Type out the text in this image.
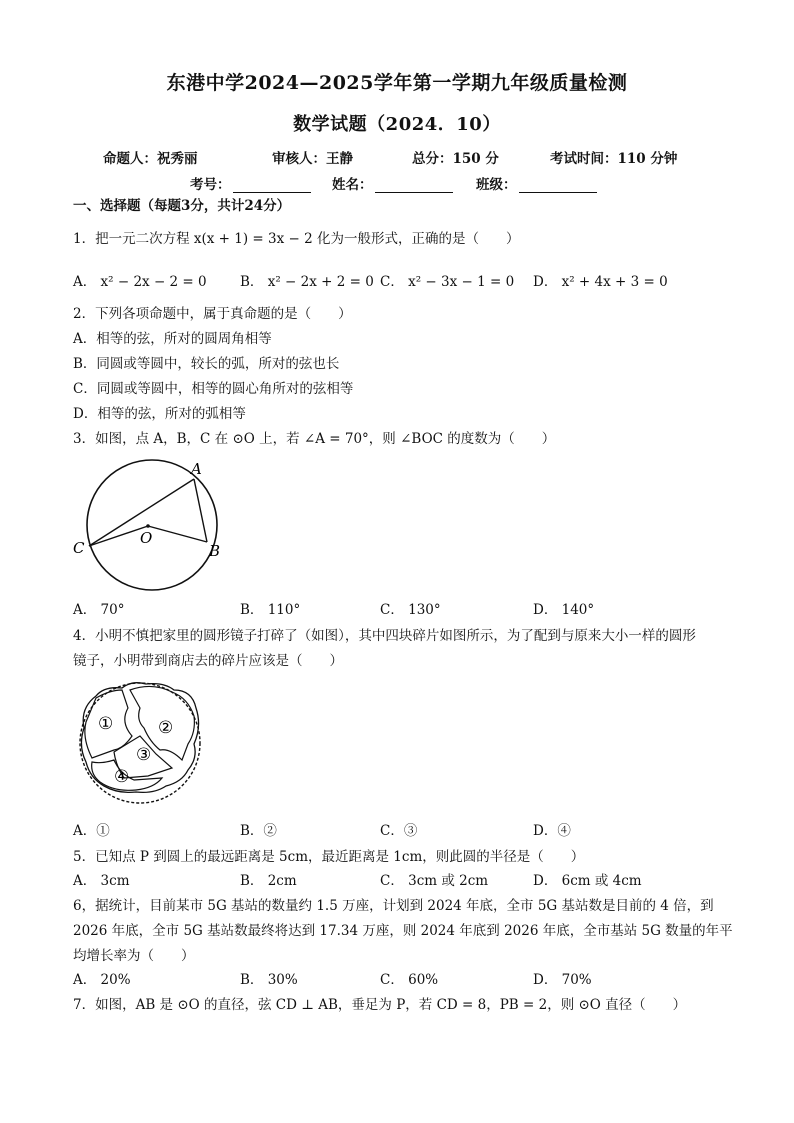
东港中学2024—2025学年第一学期九年级质量检测
数学试题（2024．10）
命题人：祝秀丽	审核人：王静	总分：150 分	考试时间：110 分钟
考号：	姓名：	班级：
一、选择题（每题3分，共计24分）
1．把一元二次方程 x(x + 1) = 3x − 2 化为一般形式，正确的是（　　）
A． x² − 2x − 2 = 0 B． x² − 2x + 2 = 0 C． x² − 3x − 1 = 0 D． x² + 4x + 3 = 0
2．下列各项命题中，属于真命题的是（　　）
A．相等的弦，所对的圆周角相等
B．同圆或等圆中，较长的弧，所对的弦也长
C．同圆或等圆中，相等的圆心角所对的弦相等
D．相等的弦，所对的弧相等
3．如图，点 A，B，C 在 ⊙O 上，若 ∠A = 70°，则 ∠BOC 的度数为（　　）
A
B
C
O
A． 70°	B． 110°	C． 130°	D． 140°
4．小明不慎把家里的圆形镜子打碎了（如图），其中四块碎片如图所示，为了配到与原来大小一样的圆形
镜子，小明带到商店去的碎片应该是（　　）
①	②
③
④
A．①	B．②	C．③	D．④
5．已知点 P 到圆上的最远距离是 5cm，最近距离是 1cm，则此圆的半径是（　　）
A． 3cm	B． 2cm	C． 3cm 或 2cm	D． 6cm 或 4cm
6，据统计，目前某市 5G 基站的数量约 1.5 万座，计划到 2024 年底，全市 5G 基站数是目前的 4 倍，到
2026 年底，全市 5G 基站数最终将达到 17.34 万座，则 2024 年底到 2026 年底，全市基站 5G 数量的年平
均增长率为（　　）
A． 20%	B． 30%	C． 60%	D． 70%
7．如图，AB 是 ⊙O 的直径，弦 CD ⊥ AB，垂足为 P，若 CD = 8，PB = 2，则 ⊙O 直径（　　）
